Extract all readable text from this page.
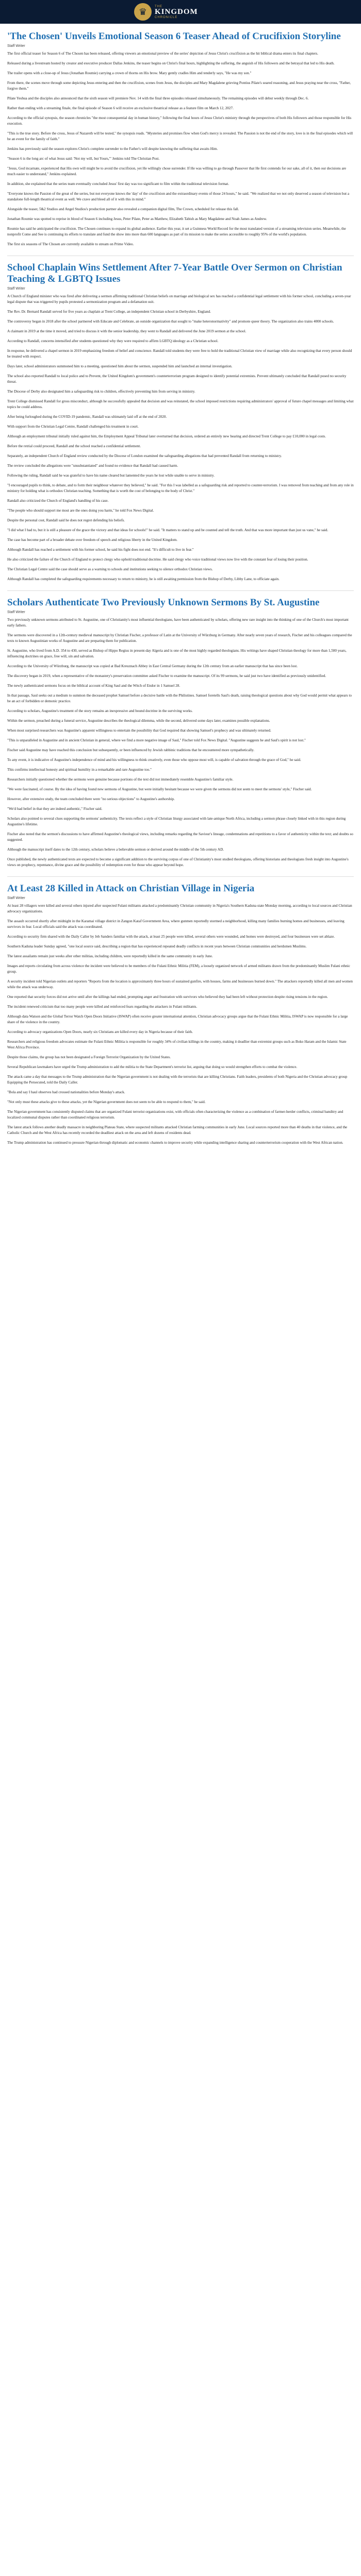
♛ THE
KINGDOM
CHRONICLE
'The Chosen' Unveils Emotional Season 6 Teaser Ahead of Crucifixion Storyline
Staff Writer

The first official teaser for Season 6 of The Chosen has been released, offering viewers an emotional preview of the series' depiction of Jesus Christ's crucifixion as the hit biblical drama enters its final chapters.

Released during a livestream hosted by creator and executive producer Dallas Jenkins, the teaser begins on Christ's final hours, highlighting the suffering, the anguish of His followers and the betrayal that led to His death.

The trailer opens with a close-up of Jesus (Jonathan Roumie) carrying a crown of thorns on His brow. Mary gently cradles Him and tenderly says, "He was my son."

From there, the scenes move through some depicting Jesus entering and then the crucifixion, scenes from Jesus, the disciples and Mary Magdalene grieving Pontius Pilate's seared reasoning, and Jesus praying near the cross, "Father, forgive them."

Pilate Yeshua and the disciples also announced that the sixth season will premiere Nov. 14 with the final three episodes released simultaneously. The remaining episodes will debut weekly through Dec. 6.

Rather than ending with a streaming finale, the final episode of Season 6 will receive an exclusive theatrical release as a feature film on March 12, 2027.

According to the official synopsis, the season chronicles "the most consequential day in human history," following the final hours of Jesus Christ's ministry through the perspectives of both His followers and those responsible for His execution.

"This is the true story. Before the cross, Jesus of Nazareth will be tested," the synopsis reads. "Mysteries and promises flow when God's mercy is revealed. The Passion is not the end of the story, love is in the final episodes which will be an event for the family of faith."

Jenkins has previously said the season explores Christ's complete surrender to the Father's will despite knowing the suffering that awaits Him.

"Season 6 is the long arc of what Jesus said: 'Not my will, but Yours,'" Jenkins told The Christian Post.

"Jesus, God incarnate, experienced that His own will might be to avoid the crucifixion, yet He willingly chose surrender. If He was willing to go through Passover that He first contends for our sake, all of it, then our decisions are much easier to understand," Jenkins explained.

In addition, she explained that the series team eventually concluded Jesus' first day was too significant to film within the traditional television format.

"Everyone knows the Passion of the great of the series, but not everyone knows the 'day' of the crucifixion and the extraordinary events of those 24 hours," he said. "We realized that we not only deserved a season of television but a standalone full-length theatrical event as well. We crave and bleed all of it with this in mind."

Alongside the teaser, 5&2 Studios and Angel Studios's production partner also revealed a companion digital film, The Crown, scheduled for release this fall.

Jonathan Roumie was spotted to reprise in blood of Season 6 including Jesus, Peter Pilate, Peter as Matthew, Elizabeth Tabish as Mary Magdalene and Noah James as Andrew.

Roumie has said he anticipated the crucifixion. The Chosen continues to expand its global audience. Earlier this year, it set a Guinness World Record for the most translated version of a streaming television series. Meanwhile, the nonprofit Come and See is continuing its efforts to translate and fund the show into more than 600 languages as part of its mission to make the series accessible to roughly 95% of the world's population.

The first six seasons of The Chosen are currently available to stream on Prime Video.

School Chaplain Wins Settlement After 7-Year Battle Over Sermon on Christian Teaching & LGBTQ Issues
Staff Writer

A Church of England minister who was fired after delivering a sermon affirming traditional Christian beliefs on marriage and biological sex has reached a confidential legal settlement with his former school, concluding a seven-year legal dispute that was triggered by pupils protested a sermonization program and a defamation suit.

The Rev. Dr. Bernard Randall served for five years as chaplain at Trent College, an independent Christian school in Derbyshire, England.

The controversy began in 2018 after the school partnered with Educate and Celebrate, an outside organization that sought to "make heteronormativity" and promote queer theory. The organization also trains 4000 schools.

A claimant in 2019 at the time it moved, and tried to discuss it with the senior leadership, they went to Randall and delivered the June 2019 sermon at the school.

According to Randall, concerns intensified after students questioned why they were required to affirm LGBTQ ideology as a Christian school.

In response, he delivered a chapel sermon in 2019 emphasizing freedom of belief and conscience. Randall told students they were free to hold the traditional Christian view of marriage while also recognizing that every person should be treated with respect.

Days later, school administrators summoned him to a meeting, questioned him about the sermon, suspended him and launched an internal investigation.

The school also reported Randall to local police and to Prevent, the United Kingdom's government's counterterrorism program designed to identify potential extremists. Prevent ultimately concluded that Randall posed no security threat.

The Diocese of Derby also designated him a safeguarding risk to children, effectively preventing him from serving in ministry.

Trent College dismissed Randall for gross misconduct, although he successfully appealed that decision and was reinstated, the school imposed restrictions requiring administrators' approval of future chapel messages and limiting what topics he could address.

After being furloughed during the COVID-19 pandemic, Randall was ultimately laid off at the end of 2020.

With support from the Christian Legal Centre, Randall challenged his treatment in court.

Although an employment tribunal initially ruled against him, the Employment Appeal Tribunal later overturned that decision, ordered an entirely new hearing and directed Trent College to pay £10,000 in legal costs.

Before the retrial could proceed, Randall and the school reached a confidential settlement.

Separately, an independent Church of England review conducted by the Diocese of London examined the safeguarding allegations that had prevented Randall from returning to ministry.

The review concluded the allegations were "unsubstantiated" and found no evidence that Randall had caused harm.

Following the ruling, Randall said he was grateful to have his name cleared but lamented the years he lost while unable to serve in ministry.

"I encouraged pupils to think, to debate, and to form their neighbour whatever they believed," he said. "For this I was labelled as a safeguarding risk and reported to counter-terrorism. I was removed from teaching and from any role in ministry for holding what is orthodox Christian teaching. Something that is worth the cost of belonging to the body of Christ."

Randall also criticized the Church of England's handling of his case.

"The people who should support me most are the ones doing you harm," he told Fox News Digital.

Despite the personal cost, Randall said he does not regret defending his beliefs.

"I did what I had to, but it is still a pleasure of the grace the victory and that ideas for schools!" he said. "It matters to stand up and be counted and tell the truth. And that was more important than just us vane," he said.

The case has become part of a broader debate over freedom of speech and religious liberty in the United Kingdom.

Although Randall has reached a settlement with his former school, he said his fight does not end. "It's difficult to live in fear."

He also criticized the failure of the Church of England to protect clergy who uphold traditional doctrine. He said clergy who voice traditional views now live with the constant fear of losing their position.

The Christian Legal Centre said the case should serve as a warning to schools and institutions seeking to silence orthodox Christian views.

Although Randall has completed the safeguarding requirements necessary to return to ministry, he is still awaiting permission from the Bishop of Derby, Libby Lane, to officiate again.

Scholars Authenticate Two Previously Unknown Sermons By St. Augustine
Staff Writer

Two previously unknown sermons attributed to St. Augustine, one of Christianity's most influential theologians, have been authenticated by scholars, offering new rare insight into the thinking of one of the Church's most important early fathers.

The sermons were discovered in a 12th-century medieval manuscript by Christian Fischer, a professor of Latin at the University of Würzburg in Germany. After nearly seven years of research, Fischer and his colleagues compared the texts to known Augustinian works of Augustine and are preparing them for publication.

St. Augustine, who lived from A.D. 354 to 430, served as Bishop of Hippo Regius in present-day Algeria and is one of the most highly regarded theologians. His writings have shaped Christian theology for more than 1,500 years, influencing doctrines on grace, free will, sin and salvation.

According to the University of Würzburg, the manuscript was copied at Bad Kreuznach Abbey in East Central Germany during the 12th century from an earlier manuscript that has since been lost.

The discovery began in 2019, when a representative of the monastery's preservation committee asked Fischer to examine the manuscript. Of its 99 sermons, he said just two have identified as previously unidentified.

The newly authenticated sermons focus on the biblical account of King Saul and the Witch of Endor in 1 Samuel 28.

In that passage, Saul seeks out a medium to summon the deceased prophet Samuel before a decisive battle with the Philistines. Samuel foretells Saul's death, raising theological questions about why God would permit what appears to be an act of forbidden or demonic practice.

According to scholars, Augustine's treatment of the story remains an inexpressive and bound doctrine in the surviving works.

Within the sermon, preached during a funeral service, Augustine describes the theological dilemma, while the second, delivered some days later, examines possible explanations.

When most surprised researchers was Augustine's apparent willingness to entertain the possibility that God required that showing Samuel's prophecy and was ultimately returned.

"This is unparalleled in Augustine and in ancient Christian in general, where we find a more negative image of Saul," Fischer told Fox News Digital. "Augustine suggests he and Saul's spirit is not lost."

Fischer said Augustine may have reached this conclusion but subsequently, or been influenced by Jewish rabbinic traditions that he encountered more sympathetically.

To any event, it is indicative of Augustine's independence of mind and his willingness to think creatively, even those who oppose most will, is capable of salvation through the grace of God," he said.

This confirms intellectual honesty and spiritual humility in a remarkable and rare Augustine too."

Researchers initially questioned whether the sermons were genuine because portions of the text did not immediately resemble Augustine's familiar style.

"We were fascinated, of course. By the idea of having found new sermons of Augustine, but were initially hesitant because we were given the sermons did not seem to meet the sermons' style," Fischer said.

However, after extensive study, the team concluded there were "no serious objections" to Augustine's authorship.

"We'd had belief in that they are indeed authentic," Fischer said.

Scholars also pointed to several clues supporting the sermons' authenticity. The texts reflect a style of Christian liturgy associated with late-antique North Africa, including a sermon phrase closely linked with in this region during Augustine's lifetime.

Fischer also noted that the sermon's discussions to have affirmed Augustine's theological views, including remarks regarding the Saviour's lineage, condemnations and repetitions to a favor of authenticity within the text; and doubts so suggested.

Although the manuscript itself dates to the 12th century, scholars believe a believable sermon or derived around the middle of the 5th century AD.

Once published, the newly authenticated texts are expected to become a significant addition to the surviving corpus of one of Christianity's most studied theologians, offering historians and theologians fresh insight into Augustine's views on prophecy, repentance, divine grace and the possibility of redemption even for those who appear beyond hope.

At Least 28 Killed in Attack on Christian Village in Nigeria
Staff Writer

At least 28 villagers were killed and several others injured after suspected Fulani militants attacked a predominantly Christian community in Nigeria's Southern Kaduna state Monday morning, according to local sources and Christian advocacy organizations.

The assault occurred shortly after midnight in the Karamai village district in Zangon Kataf Government Area, where gunmen reportedly stormed a neighborhood, killing many families burning homes and businesses, and leaving survivors in fear. Local officials said the attack was coordinated.

According to security firm shared with the Daily Caller by Jeb Sanders familiar with the attack, at least 25 people were killed, several others were wounded, and homes were destroyed, and four businesses were set ablaze.

Southern Kaduna leader Sunday agreed, "one local source said, describing a region that has experienced repeated deadly conflicts in recent years between Christian communities and herdsmen Muslims.

The latest assailants remain just weeks after other militias, including children, were reportedly killed in the same community in early June.

Images and reports circulating from across violence the incident were believed to be members of the Fulani Ethnic Militia (FEM), a loosely organized network of armed militants drawn from the predominantly Muslim Fulani ethnic group.

A security incident told Nigerian outlets and reporters "Reports from the location is approximately three hours of sustained gunfire, with houses, farms and businesses burned down." The attackers reportedly killed all men and women while the attack was underway.

One reported that security forces did not arrive until after the killings had ended, prompting anger and frustration with survivors who believed they had been left without protection despite rising tensions in the region.

The incident renewed criticism that too many people were killed and reinforced fears regarding the attackers in Fulani militants.

Although data Watson and the Global Terror Watch Open Doors Initiative (ISWAP) often receive greater international attention, Christian advocacy groups argue that the Fulani Ethnic Militia, ISWAP is now responsible for a large share of the violence in the country.

According to advocacy organizations Open Doors, nearly six Christians are killed every day in Nigeria because of their faith.

Researchers and religious freedom advocates estimate the Fulani Ethnic Militia is responsible for roughly 34% of civilian killings in the country, making it deadlier than extremist groups such as Boko Haram and the Islamic State West Africa Province.

Despite those claims, the group has not been designated a Foreign Terrorist Organization by the United States.

Several Republican lawmakers have urged the Trump administration to add the militia to the State Department's terrorist list, arguing that doing so would strengthen efforts to combat the violence.

The attack came a day that messages to the Trump administration that the Nigerian government is not dealing with the terrorists that are killing Christians. Faith leaders, presidents of both Nigeria and the Christian advocacy group Equipping the Persecuted, told the Daily Caller.

"Bola and say I haul observes had crossed nationalities before Monday's attack.

"Not only must these attacks give to these attacks, yet the Nigerian government does not seem to be able to respond to them," he said.

The Nigerian government has consistently disputed claims that are organized Fulani terrorist organizations exist, with officials often characterizing the violence as a combination of farmer-herder conflicts, criminal banditry and localized communal disputes rather than coordinated religious terrorism.

The latest attack follows another deadly massacre in neighboring Plateau State, where suspected militants attacked Christian farming communities in early June. Local sources reported more than 40 deaths in that violence, and the Catholic Church and the West Africa has recently recorded the deadliest attack on the area and left dozens of residents dead.

The Trump administration has continued to pressure Nigerian through diplomatic and economic channels to improve security while expanding intelligence sharing and counterterrorism cooperation with the West African nation.
